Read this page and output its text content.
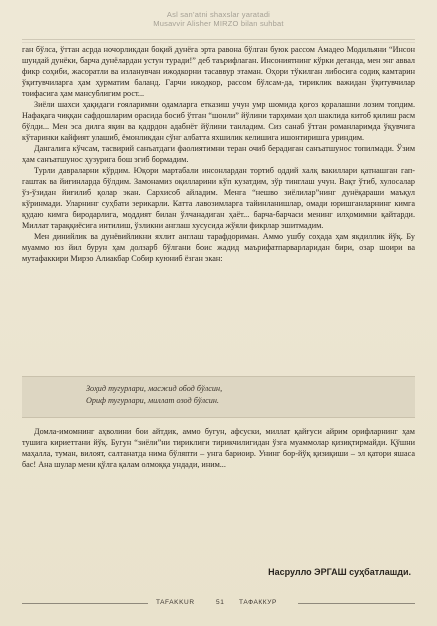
Asl san’atni shaxslar yaratadi
Musavvir Alisher MIRZO bilan suhbat

ган бўлса, ўттан асрда ночорликдан боқий дунёга эрта равона бўлган буюк рассом Амадео Модильяни “Инсон шундай дунёки, барча дунёлардан устун туради!” деб таърифлаган. Инсониятнинг кўрки деганда, мен энг аввал фикр соҳиби, жасоратли ва изланувчан ижодкорни тасаввур этаман. Оҳори тўкилган либосига содиқ камтарин ўқитувчиларга ҳам ҳурматим баланд. Гарчи ижодкор, рассом бўлсам-да, тириклик важидан ўқитувчилар тоифасига ҳам мансублигим рост...

Зиёли шахси ҳақидаги ғояларимни одамларга етказиш учун умр шомида қоғоз қоралашни лозим топдим. Нафақага чиққан сафдошларим орасида босиб ўтган “шонли” йўлини тарҳимаи ҳол шаклида китоб қилиш расм бўлди... Мен эса дилга яқин ва қадрдон адабнёт йўлини танладим. Сиз санаб ўтган романларимда ўқувчига кўтаринки кайфият улашиб, ёмонликдан сўнг албатта яхшилик келишига ишонтиришга уриндим.

Дангалига кўчсам, тасвирий санъатдаги фаолиятимни теран очиб берадиган санъатшунос топилмади. Ўзим ҳам санъатшунос ҳузурига бош эгиб бормадим.

Турли давраларни кўрдим. Юқори мартабали инсонлардан тортиб оддий халқ вакиллари қатнашган гап-гаштак ва йиғинларда бўлдим. Замонамиз оқилларини кўп кузатдим, зўр тинглаш учун. Вақт ўтиб, хулосалар ўз-ўзидан йиғилиб қолар экан. Сархисоб айладим. Менга “нешво зиёлилар”нинг дунёқараши маъқул кўринмади. Уларнинг суҳбати зерикарли. Катта лавозимларга тайинланишлар, омади юришганларнинг кимга қудаю кимга биродарлига, моддият билан ўлчанадиган ҳаёт... барча-барчаси менинг илҳомимни қайтарди. Миллат тараққиёсига интилиш, ўзликни англаш хусусида жўяли фикрлар эшитмадим.

Мен динийлик ва дунёвийликни яхлит англаш тарафдориман. Аммо ушбу соҳада ҳам якдиллик йўқ. Бу муаммо юз йил бурун ҳам долзарб бўлгани боис жадид маърифатпарварларидан бири, озар шоири ва мутафаккири Мирзо Алиакбар Собир куюниб ёзган экан:

Зоҳид тугурлари, масжид обод бўлсин,
Ориф тугурлари, миллат озод бўлсин.

Домла-имомнинг аҳволини бои айтдик, аммо бугун, афсуски, миллат қайғуси айрим орифларнинг ҳам тушига кириеттани йўқ. Бугун “зиёли”ни тириклиги тирикчилигидан ўзга муаммолар қизиқтирмайди. Қўшни маҳалла, туман, вилоят, салтанатда нима бўляпти – унга бариоир. Унинг бор-йўқ қизиқиши – эл қатори яшаса бас! Ана шулар мени қўлга қалам олмоққа ундади, иним...

Насрулло ЭРГАШ суҳбатлашди.
TAFAKKUR	51 ТАФАККУР
